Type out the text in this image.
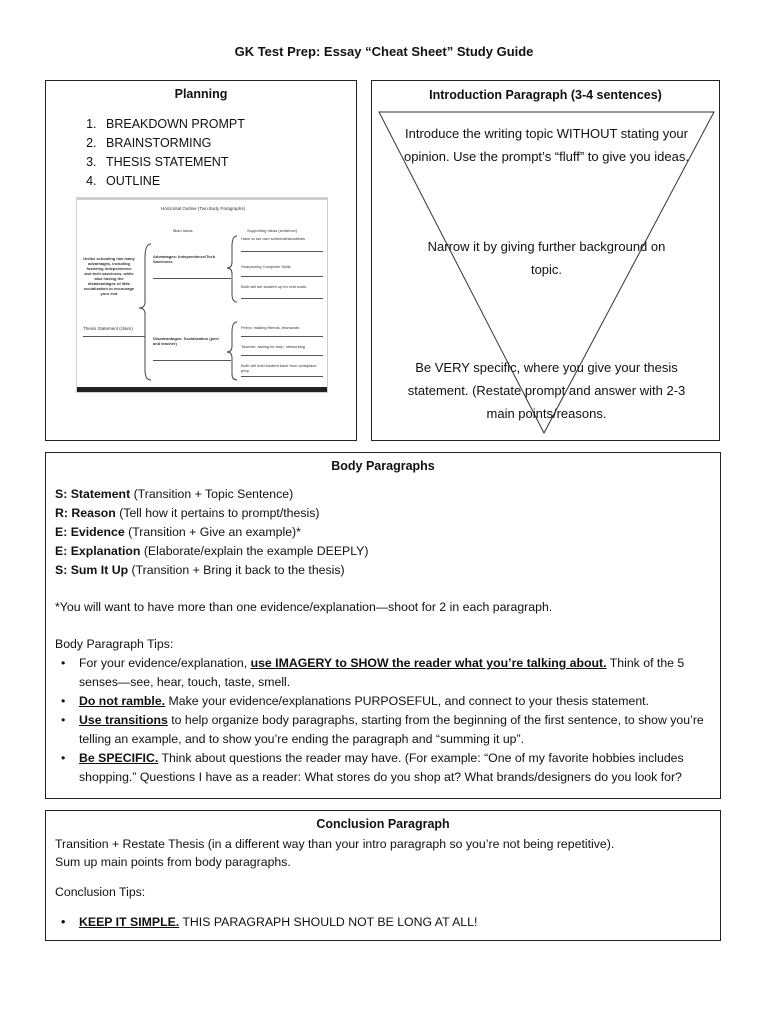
GK Test Prep: Essay “Cheat Sheet” Study Guide
Planning
1. BREAKDOWN PROMPT
2. BRAINSTORMING
3. THESIS STATEMENT
4. OUTLINE
Horizontal Outline (Two Body Paragraphs)
Main Ideas	Supporting Ideas (evidence)
Unlike schooling has many advantages, including fostering independence and tech-savviness, while also having the disadvantages of little socialization to encourage your end
Thesis Statement (claim)
Advantages: Independence/Tech Savviness
Disadvantages: Socialization (peer and teacher)
Have to set own schedule/deadlines
Sharpening Computer Skills
Both will set student up for real world
Peers: making friends, teamwork
Teacher: asking for help, networking
Both will hold student back from workplace prep
Introduction Paragraph (3-4 sentences)
Introduce the writing topic WITHOUT stating your opinion. Use the prompt’s “fluff” to give you ideas.
Narrow it by giving further background on topic.
Be VERY specific, where you give your thesis statement. (Restate prompt and answer with 2-3 main points/reasons.
Body Paragraphs

S: Statement (Transition + Topic Sentence)

R: Reason (Tell how it pertains to prompt/thesis)

E: Evidence (Transition + Give an example)*

E: Explanation (Elaborate/explain the example DEEPLY)

S: Sum It Up (Transition + Bring it back to the thesis)

*You will want to have more than one evidence/explanation—shoot for 2 in each paragraph.
Body Paragraph Tips:
• For your evidence/explanation, use IMAGERY to SHOW the reader what you’re talking about. Think of the 5 senses—see, hear, touch, taste, smell.
• Do not ramble. Make your evidence/explanations PURPOSEFUL, and connect to your thesis statement.
• Use transitions to help organize body paragraphs, starting from the beginning of the first sentence, to show you’re telling an example, and to show you’re ending the paragraph and “summing it up”.
• Be SPECIFIC. Think about questions the reader may have. (For example: “One of my favorite hobbies includes shopping.” Questions I have as a reader: What stores do you shop at? What brands/designers do you look for?
Conclusion Paragraph

Transition + Restate Thesis (in a different way than your intro paragraph so you’re not being repetitive).

Sum up main points from body paragraphs.

Conclusion Tips:

• KEEP IT SIMPLE. THIS PARAGRAPH SHOULD NOT BE LONG AT ALL!
